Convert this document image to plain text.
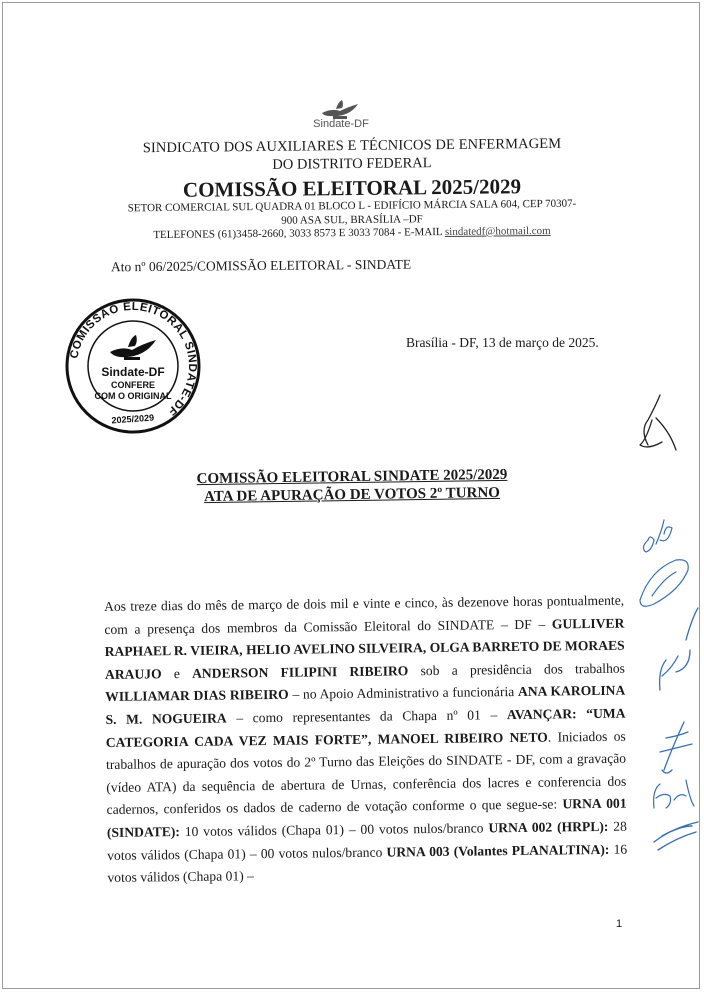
Sindate-DF
SINDICATO DOS AUXILIARES E TÉCNICOS DE ENFERMAGEM
DO DISTRITO FEDERAL
COMISSÃO ELEITORAL 2025/2029
SETOR COMERCIAL SUL QUADRA 01 BLOCO L - EDIFÍCIO MÁRCIA SALA 604, CEP 70307-
900 ASA SUL, BRASÍLIA –DF
TELEFONES (61)3458-2660, 3033 8573 E 3033 7084 - E-MAIL sindatedf@hotmail.com
Ato nº 06/2025/COMISSÃO ELEITORAL - SINDATE
COMISSÃO ELEITORAL SINDATE-DF
Sindate-DF
CONFERE
COM O ORIGINAL
2025/2029
Brasília - DF, 13 de março de 2025.
COMISSÃO ELEITORAL SINDATE 2025/2029
ATA DE APURAÇÃO DE VOTOS 2º TURNO
Aos treze dias do mês de março de dois mil e vinte e cinco, às dezenove horas pontualmente, com a presença dos membros da Comissão Eleitoral do SINDATE – DF – GULLIVER RAPHAEL R. VIEIRA, HELIO AVELINO SILVEIRA, OLGA BARRETO DE MORAES ARAUJO e ANDERSON FILIPINI RIBEIRO sob a presidência dos trabalhos WILLIAMAR DIAS RIBEIRO – no Apoio Administrativo a funcionária ANA KAROLINA S. M. NOGUEIRA – como representantes da Chapa nº 01 – AVANÇAR: “UMA CATEGORIA CADA VEZ MAIS FORTE”, MANOEL RIBEIRO NETO. Iniciados os trabalhos de apuração dos votos do 2º Turno das Eleições do SINDATE - DF, com a gravação (vídeo ATA) da sequência de abertura de Urnas, conferência dos lacres e conferencia dos cadernos, conferidos os dados de caderno de votação conforme o que segue-se: URNA 001 (SINDATE): 10 votos válidos (Chapa 01) – 00 votos nulos/branco URNA 002 (HRPL): 28 votos válidos (Chapa 01) – 00 votos nulos/branco URNA 003 (Volantes PLANALTINA): 16 votos válidos (Chapa 01) –
1
